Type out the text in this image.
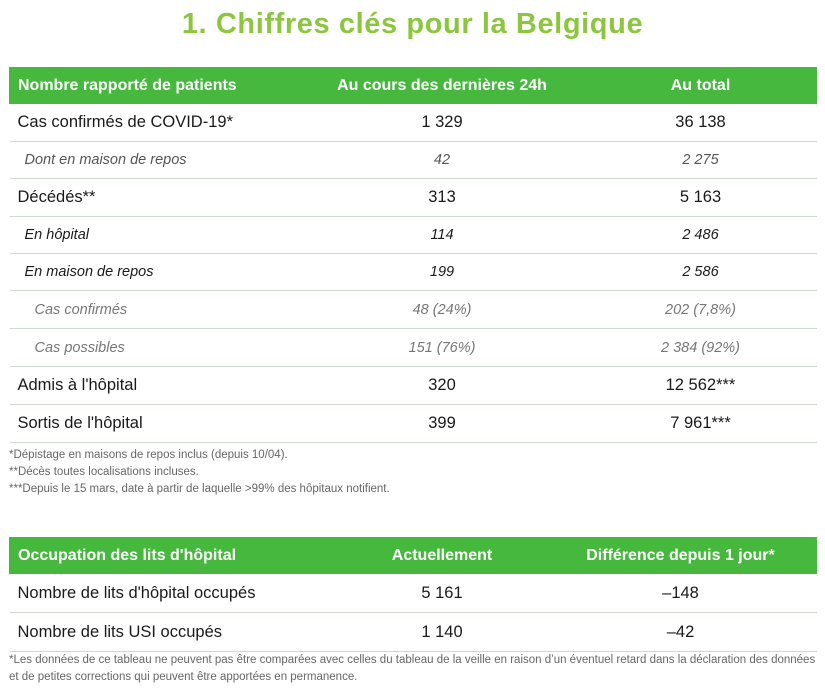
1. Chiffres clés pour la Belgique
Nombre rapporté de patients	Au cours des dernières 24h	Au total
Cas confirmés de COVID-19*	1 329	36 138
Dont en maison de repos	42	2 275
Décédés**	313	5 163
En hôpital	114	2 486
En maison de repos	199	2 586
Cas confirmés	48 (24%)	202 (7,8%)
Cas possibles	151 (76%)	2 384 (92%)
Admis à l'hôpital	320	12 562***
Sortis de l'hôpital	399	7 961***
*Dépistage en maisons de repos inclus (depuis 10/04).
**Décès toutes localisations incluses.
***Depuis le 15 mars, date à partir de laquelle >99% des hôpitaux notifient.
Occupation des lits d'hôpital	Actuellement	Différence depuis 1 jour*
Nombre de lits d'hôpital occupés	5 161	–148
Nombre de lits USI occupés	1 140	–42
*Les données de ce tableau ne peuvent pas être comparées avec celles du tableau de la veille en raison d’un éventuel retard dans la déclaration des données et de petites corrections qui peuvent être apportées en permanence.
